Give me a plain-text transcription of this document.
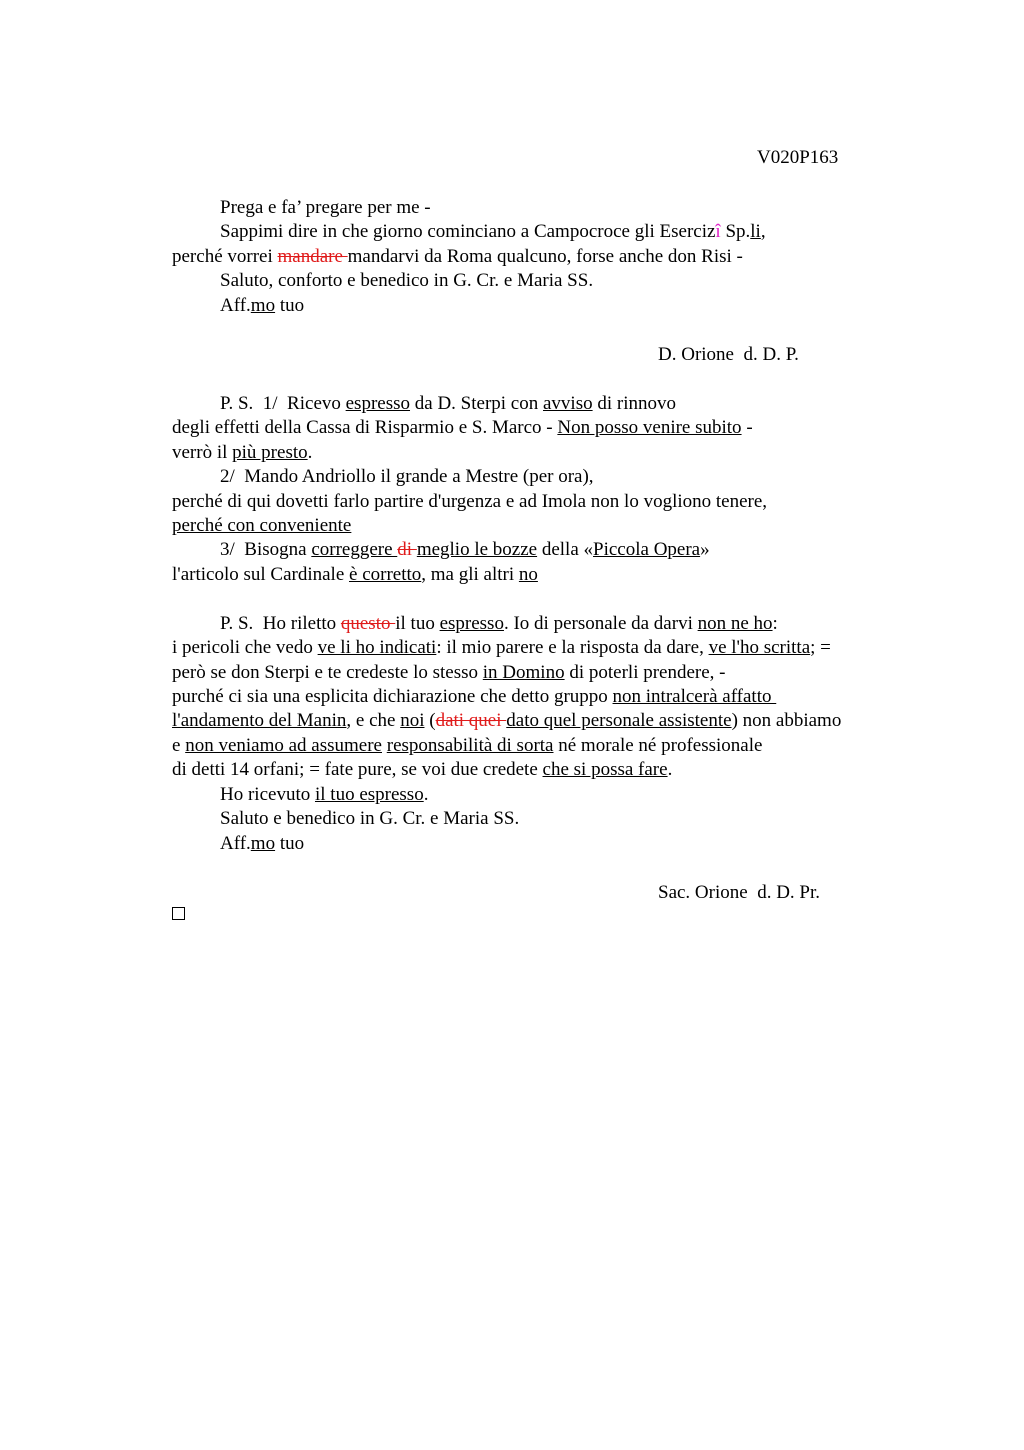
V020P163
Prega e fa’ pregare per me -
Sappimi dire in che giorno cominciano a Campocroce gli Esercizî Sp.li,
perché vorrei mandare mandarvi da Roma qualcuno, forse anche don Risi -
Saluto, conforto e benedico in G. Cr. e Maria SS.
Aff.mo tuo
D. Orione  d. D. P.
P. S.  1/  Ricevo espresso da D. Sterpi con avviso di rinnovo
degli effetti della Cassa di Risparmio e S. Marco - Non posso venire subito -
verrò il più presto.
2/  Mando Andriollo il grande a Mestre (per ora),
perché di qui dovetti farlo partire d'urgenza e ad Imola non lo vogliono tenere,
perché con conveniente
3/  Bisogna correggere di meglio le bozze della «Piccola Opera»
l'articolo sul Cardinale è corretto, ma gli altri no
P. S.  Ho riletto questo il tuo espresso. Io di personale da darvi non ne ho:
i pericoli che vedo ve li ho indicati: il mio parere e la risposta da dare, ve l'ho scritta; =
però se don Sterpi e te credeste lo stesso in Domino di poterli prendere, -
purché ci sia una esplicita dichiarazione che detto gruppo non intralcerà affatto
l'andamento del Manin, e che noi (dati quei dato quel personale assistente) non abbiamo
e non veniamo ad assumere responsabilità di sorta né morale né professionale
di detti 14 orfani; = fate pure, se voi due credete che si possa fare.
Ho ricevuto il tuo espresso.
Saluto e benedico in G. Cr. e Maria SS.
Aff.mo tuo
Sac. Orione  d. D. Pr.
